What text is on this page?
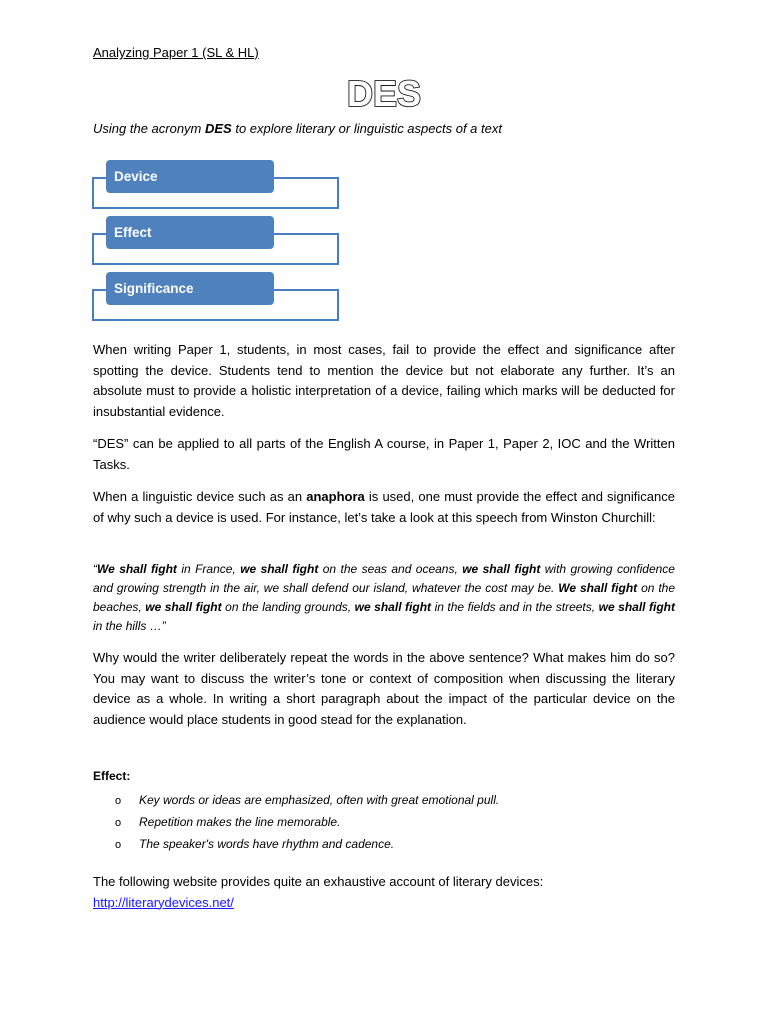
Analyzing Paper 1 (SL & HL)
DES
Using the acronym DES to explore literary or linguistic aspects of a text
Device
Effect
Significance

When writing Paper 1, students, in most cases, fail to provide the effect and significance after spotting the device. Students tend to mention the device but not elaborate any further. It’s an absolute must to provide a holistic interpretation of a device, failing which marks will be deducted for insubstantial evidence.

“DES” can be applied to all parts of the English A course, in Paper 1, Paper 2, IOC and the Written Tasks.

When a linguistic device such as an anaphora is used, one must provide the effect and significance of why such a device is used. For instance, let’s take a look at this speech from Winston Churchill:

“We shall fight in France, we shall fight on the seas and oceans, we shall fight with growing confidence and growing strength in the air, we shall defend our island, whatever the cost may be. We shall fight on the beaches, we shall fight on the landing grounds, we shall fight in the fields and in the streets, we shall fight in the hills …”

Why would the writer deliberately repeat the words in the above sentence? What makes him do so? You may want to discuss the writer’s tone or context of composition when discussing the literary device as a whole. In writing a short paragraph about the impact of the particular device on the audience would place students in good stead for the explanation.

Effect:
o Key words or ideas are emphasized, often with great emotional pull.
o Repetition makes the line memorable.
o The speaker's words have rhythm and cadence.
The following website provides quite an exhaustive account of literary devices:
http://literarydevices.net/
